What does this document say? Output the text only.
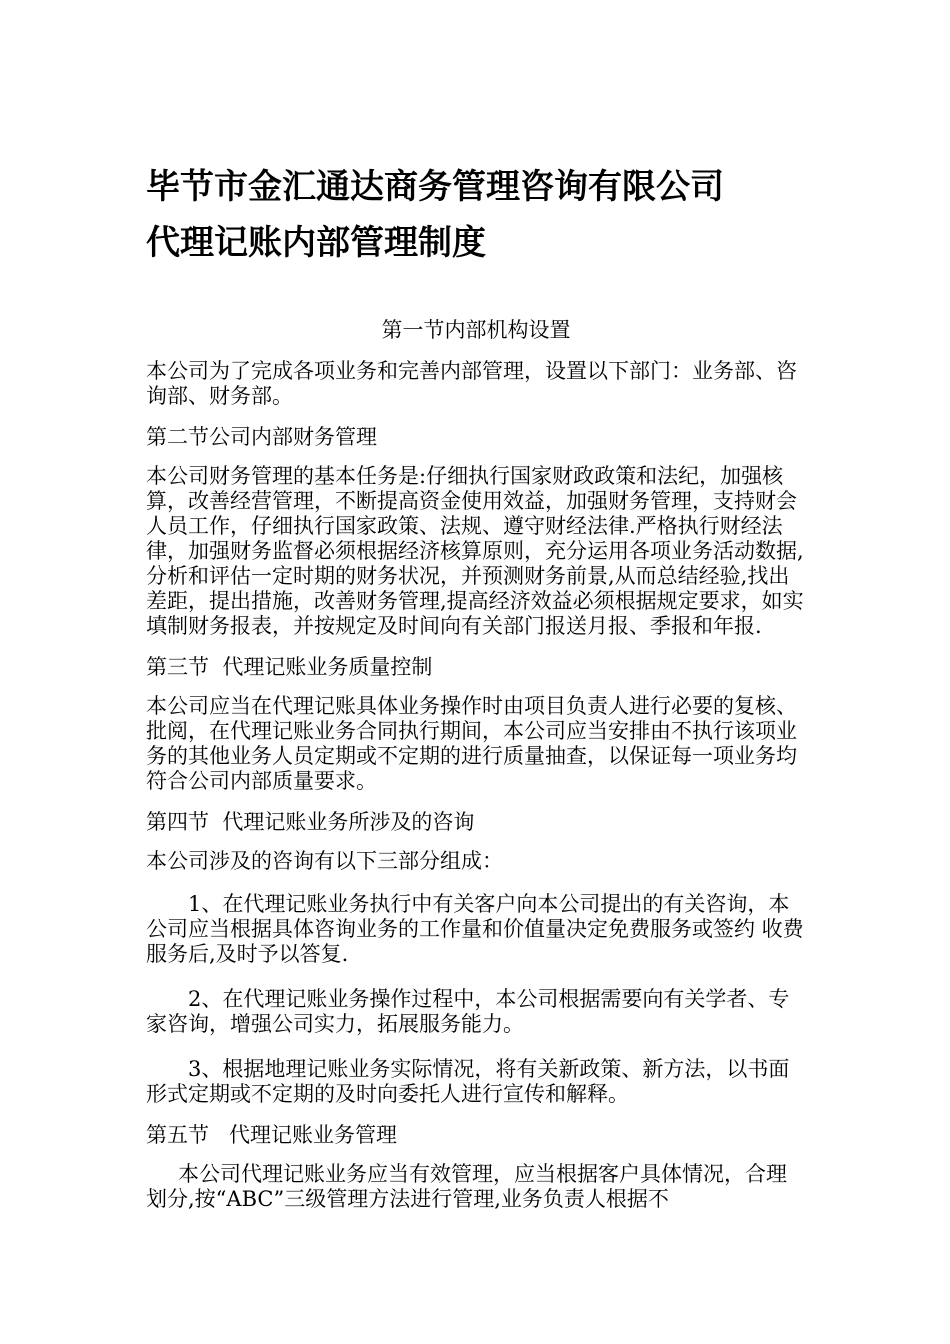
毕节市金汇通达商务管理咨询有限公司
代理记账内部管理制度

第一节内部机构设置

本公司为了完成各项业务和完善内部管理，设置以下部门：业务部、咨询部、财务部。

第二节公司内部财务管理

本公司财务管理的基本任务是:仔细执行国家财政政策和法纪，加强核算，改善经营管理，不断提高资金使用效益，加强财务管理，支持财会人员工作，仔细执行国家政策、法规、遵守财经法律.严格执行财经法律，加强财务监督必须根据经济核算原则，充分运用各项业务活动数据,分析和评估一定时期的财务状况，并预测财务前景,从而总结经验,找出差距，提出措施，改善财务管理,提高经济效益必须根据规定要求，如实填制财务报表，并按规定及时间向有关部门报送月报、季报和年报.

第三节  代理记账业务质量控制

本公司应当在代理记账具体业务操作时由项目负责人进行必要的复核、批阅，在代理记账业务合同执行期间，本公司应当安排由不执行该项业务的其他业务人员定期或不定期的进行质量抽查，以保证每一项业务均符合公司内部质量要求。

第四节  代理记账业务所涉及的咨询

本公司涉及的咨询有以下三部分组成：

1、在代理记账业务执行中有关客户向本公司提出的有关咨询，本公司应当根据具体咨询业务的工作量和价值量决定免费服务或签约 收费服务后,及时予以答复.

2、在代理记账业务操作过程中，本公司根据需要向有关学者、专家咨询，增强公司实力，拓展服务能力。

3、根据地理记账业务实际情况，将有关新政策、新方法，以书面形式定期或不定期的及时向委托人进行宣传和解释。

第五节   代理记账业务管理

本公司代理记账业务应当有效管理，应当根据客户具体情况，合理划分,按“ABC”三级管理方法进行管理,业务负责人根据不
